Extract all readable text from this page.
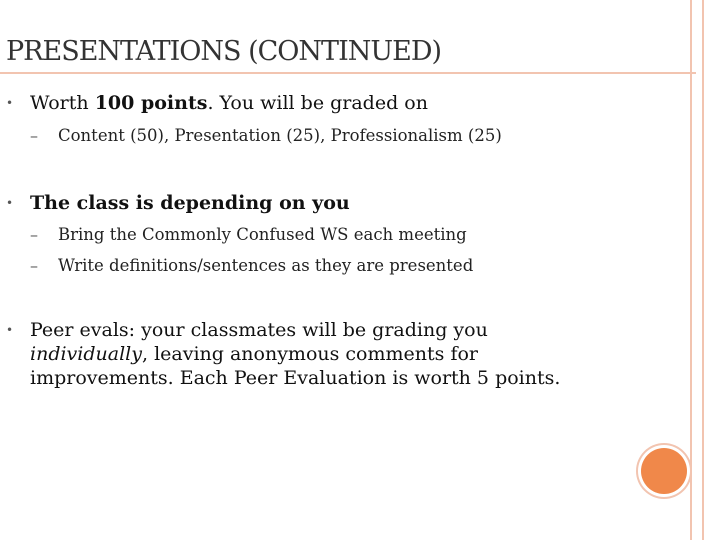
PRESENTATIONS (CONTINUED)
• Worth 100 points. You will be graded on
–	Content (50), Presentation (25), Professionalism (25)
• The class is depending on you
–	Bring the Commonly Confused WS each meeting
–	Write definitions/sentences as they are presented
• Peer evals: your classmates will be grading you
individually, leaving anonymous comments for
improvements. Each Peer Evaluation is worth 5 points.
